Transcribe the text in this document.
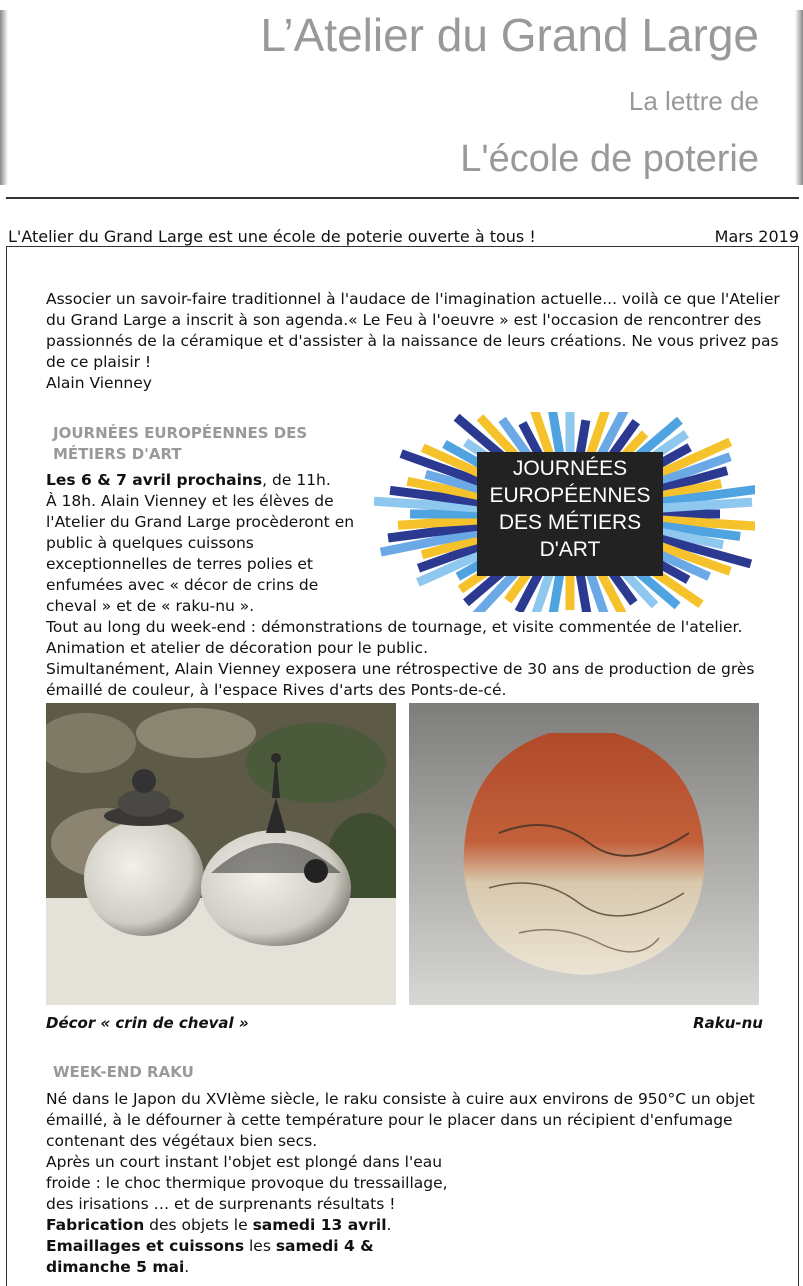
L’Atelier du Grand Large
La lettre de
L'école de poterie
L'Atelier du Grand Large est une école de poterie ouverte à tous !	Mars 2019
Associer un savoir-faire traditionnel à l'audace de l'imagination actuelle... voilà ce que l'Atelier
du Grand Large a inscrit à son agenda.« Le Feu à l'oeuvre » est l'occasion de rencontrer des
passionnés de la céramique et d'assister à la naissance de leurs créations. Ne vous privez pas
de ce plaisir !
Alain Vienney
JOURNÉES EUROPÉENNES DES
MÉTIERS D'ART
Les 6 & 7 avril prochains, de 11h.
À 18h. Alain Vienney et les élèves de
l'Atelier du Grand Large procèderont en
public à quelques cuissons
exceptionnelles de terres polies et
enfumées avec « décor de crins de
cheval » et de « raku-nu ».
Tout au long du week-end : démonstrations de tournage, et visite commentée de l'atelier.
Animation et atelier de décoration pour le public.
Simultanément, Alain Vienney exposera une rétrospective de 30 ans de production de grès
émaillé de couleur, à l'espace Rives d'arts des Ponts-de-cé.
JOURNÉES
EUROPÉENNES
DES MÉTIERS
D'ART
Décor « crin de cheval »	Raku-nu
WEEK-END RAKU
Né dans le Japon du XVIème siècle, le raku consiste à cuire aux environs de 950°C un objet
émaillé, à le défourner à cette température pour le placer dans un récipient d'enfumage
contenant des végétaux bien secs.
Après un court instant l'objet est plongé dans l'eau
froide : le choc thermique provoque du tressaillage,
des irisations … et de surprenants résultats !
Fabrication des objets le samedi 13 avril.
Emaillages et cuissons les samedi 4 &
dimanche 5 mai.
